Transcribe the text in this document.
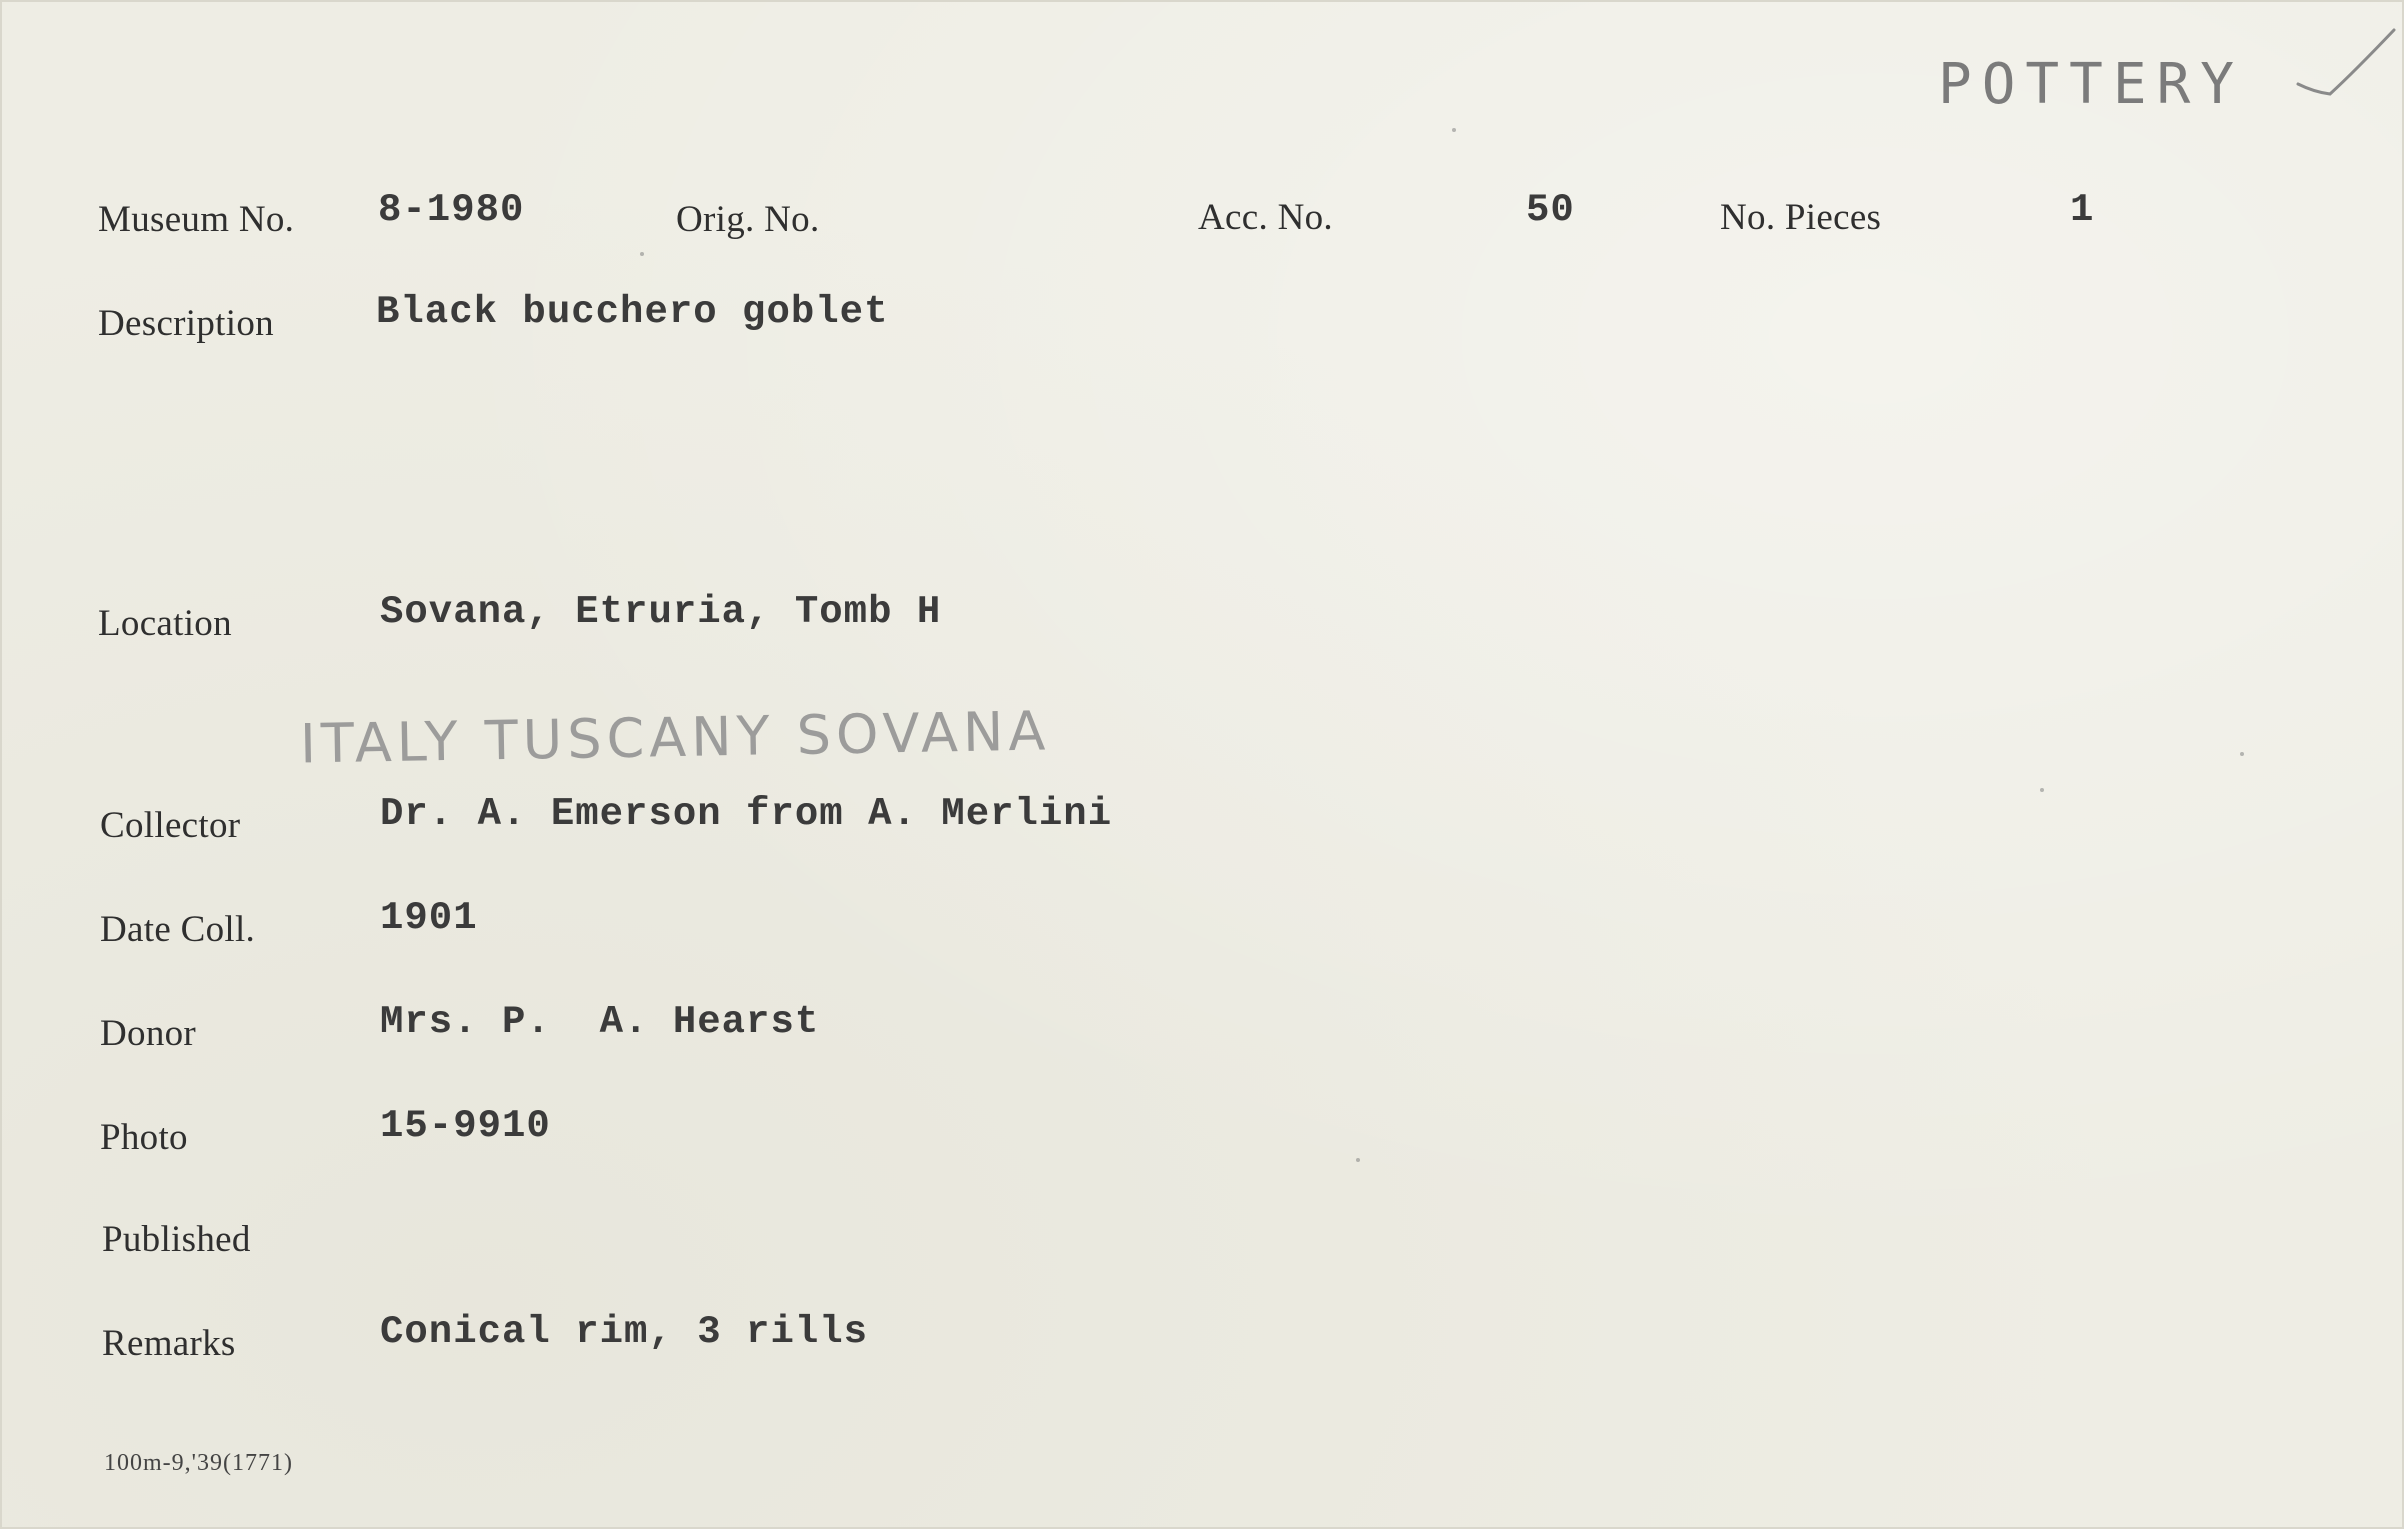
POTTERY
Museum No. 8-1980	Orig. No.	Acc. No.	50	No. Pieces	1
Description	Black bucchero goblet
Location	Sovana, Etruria, Tomb H
ITALY TUSCANY SOVANA
Collector	Dr. A. Emerson from A. Merlini
Date Coll.	1901
Donor	Mrs. P.  A. Hearst
Photo	15-9910
Published
Remarks	Conical rim, 3 rills
100m-9,'39(1771)
